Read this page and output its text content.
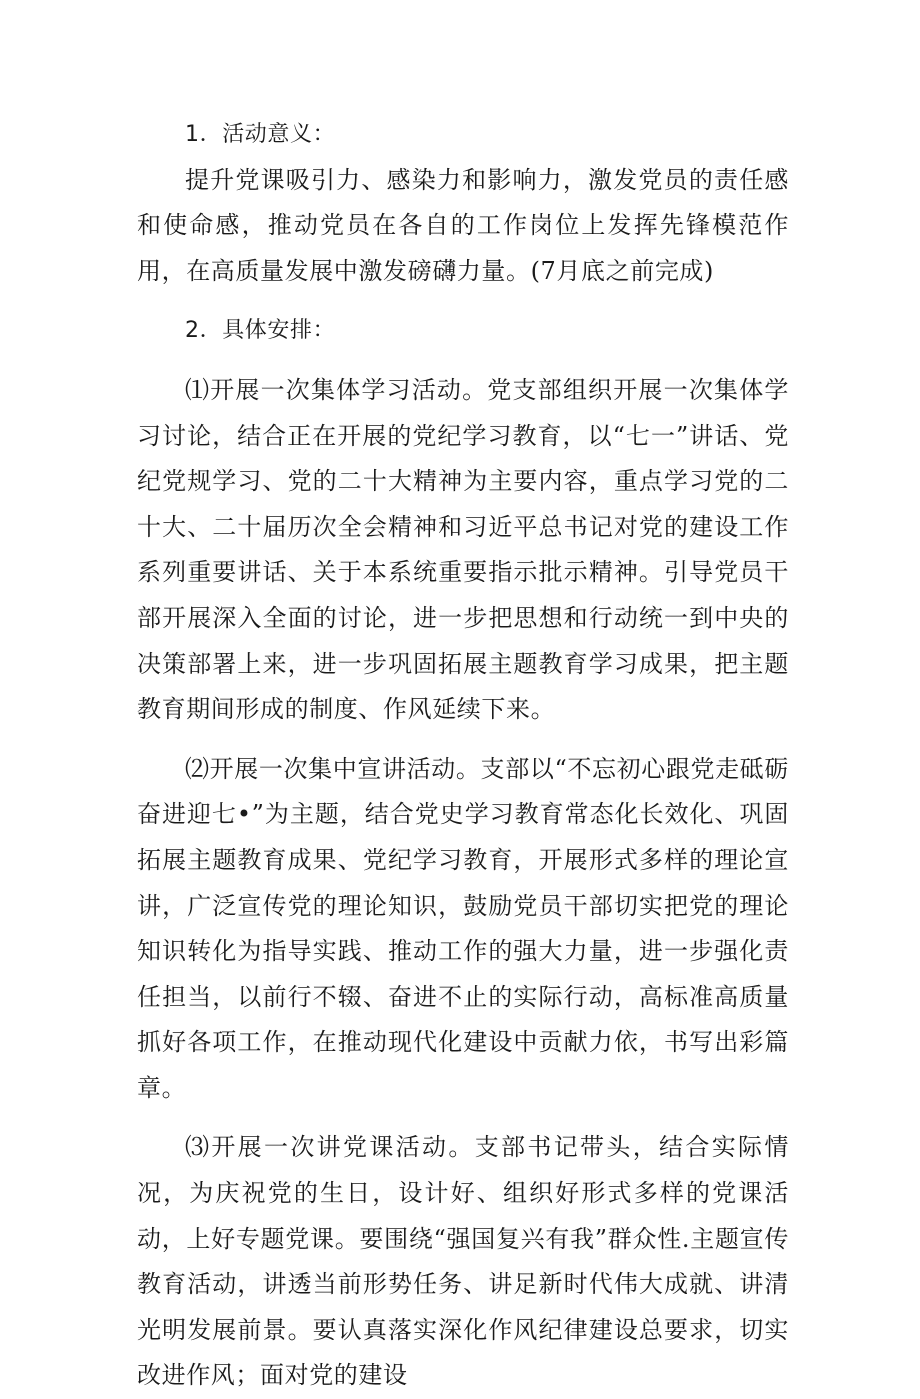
1．活动意义：

提升党课吸引力、感染力和影响力，激发党员的责任感和使命感，推动党员在各自的工作岗位上发挥先锋模范作用，在高质量发展中激发磅礴力量。(7月底之前完成)

2．具体安排：

⑴开展一次集体学习活动。党支部组织开展一次集体学习讨论，结合正在开展的党纪学习教育，以“七一”讲话、党纪党规学习、党的二十大精神为主要内容，重点学习党的二十大、二十届历次全会精神和习近平总书记对党的建设工作系列重要讲话、关于本系统重要指示批示精神。引导党员干部开展深入全面的讨论，进一步把思想和行动统一到中央的决策部署上来，进一步巩固拓展主题教育学习成果，把主题教育期间形成的制度、作风延续下来。

⑵开展一次集中宣讲活动。支部以“不忘初心跟党走砥砺奋进迎七•”为主题，结合党史学习教育常态化长效化、巩固拓展主题教育成果、党纪学习教育，开展形式多样的理论宣讲，广泛宣传党的理论知识，鼓励党员干部切实把党的理论知识转化为指导实践、推动工作的强大力量，进一步强化责任担当，以前行不辍、奋进不止的实际行动，高标准高质量抓好各项工作，在推动现代化建设中贡献力依，书写出彩篇章。

⑶开展一次讲党课活动。支部书记带头，结合实际情况，为庆祝党的生日，设计好、组织好形式多样的党课活动，上好专题党课。要围绕“强国复兴有我”群众性.主题宣传教育活动，讲透当前形势任务、讲足新时代伟大成就、讲清光明发展前景。要认真落实深化作风纪律建设总要求，切实改进作风；面对党的建设
